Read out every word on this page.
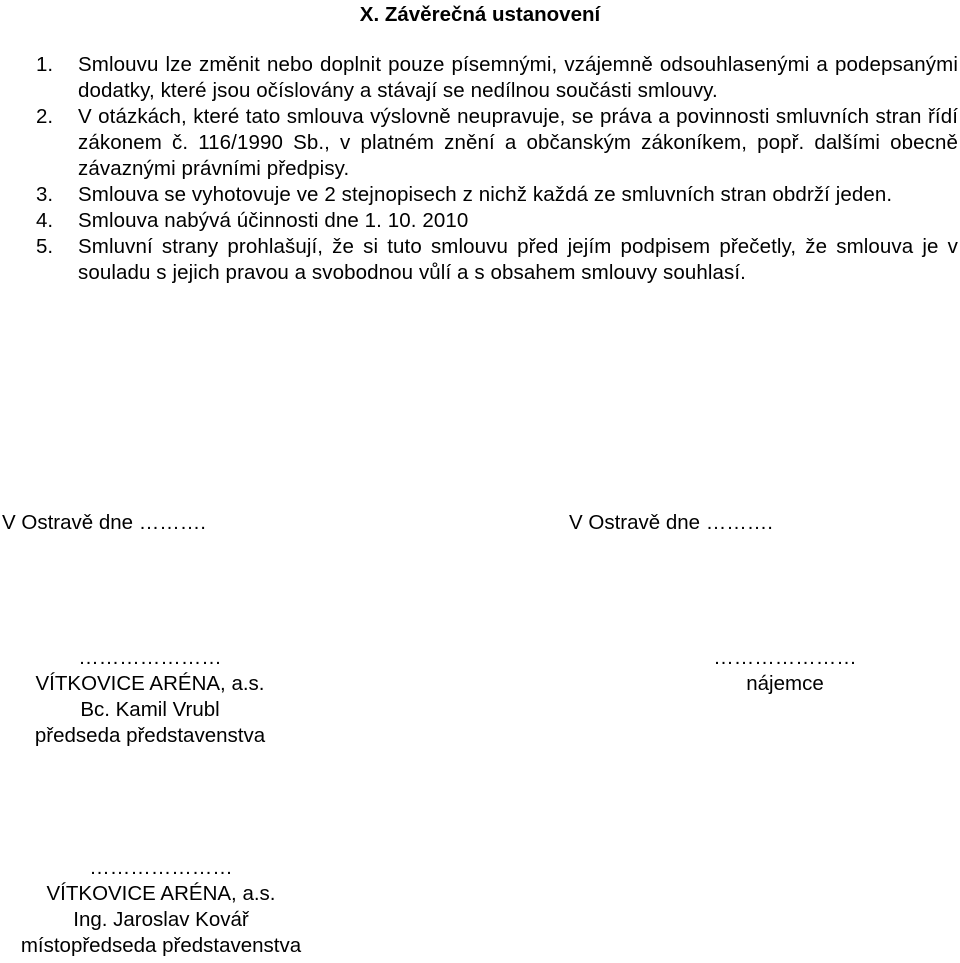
X. Závěrečná ustanovení
1.	Smlouvu lze změnit nebo doplnit pouze písemnými, vzájemně odsouhlasenými a podepsanými dodatky, které jsou očíslovány a stávají se nedílnou součásti smlouvy.
2.	V otázkách, které tato smlouva výslovně neupravuje, se práva a povinnosti smluvních stran řídí zákonem č. 116/1990 Sb., v platném znění a občanským zákoníkem, popř. dalšími obecně závaznými právními předpisy.
3.	Smlouva se vyhotovuje ve 2 stejnopisech z nichž každá ze smluvních stran obdrží jeden.
4.	Smlouva nabývá účinnosti dne 1. 10. 2010
5.	Smluvní strany prohlašují, že si tuto smlouvu před jejím podpisem přečetly, že smlouva je v souladu s jejich pravou a svobodnou vůlí a s obsahem smlouvy souhlasí.
V Ostravě dne ……….	V Ostravě dne ……….
…………………
VÍTKOVICE ARÉNA, a.s.
Bc. Kamil Vrubl
předseda představenstva
…………………
nájemce
…………………
VÍTKOVICE ARÉNA, a.s.
Ing. Jaroslav Kovář
místopředseda představenstva
